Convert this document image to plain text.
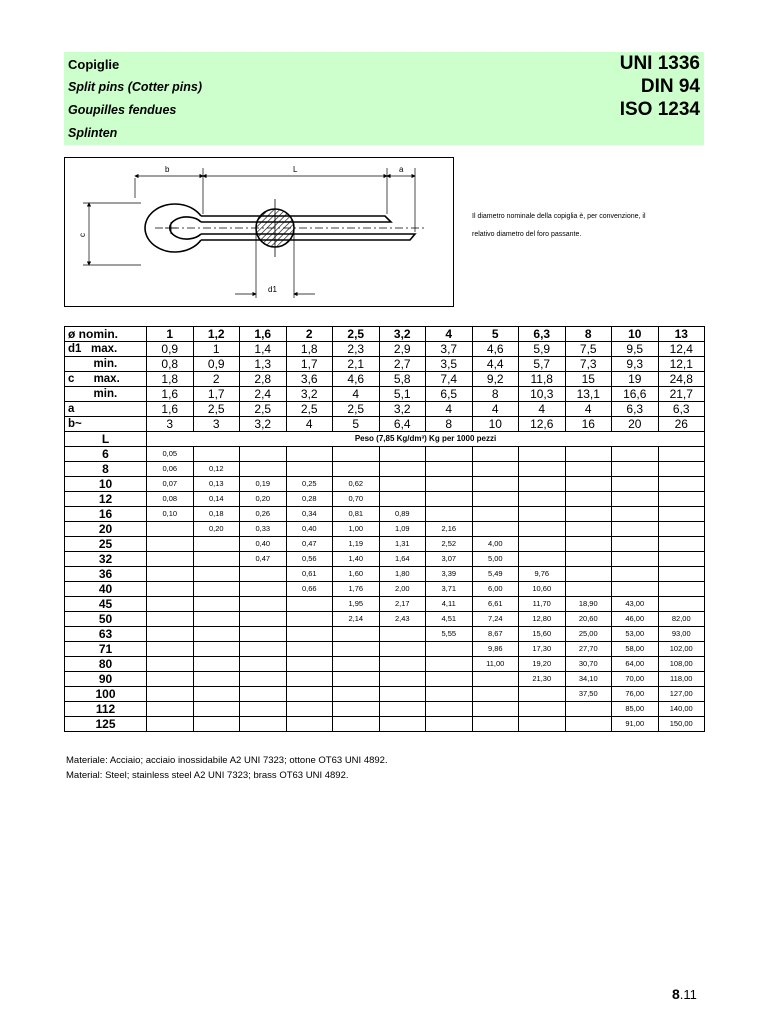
Copiglie
Split pins (Cotter pins)
Goupilles fendues
Splinten
UNI 1336
DIN 94
ISO 1234
b	L	a
c
d1
Il diametro nominale della copiglia è, per convenzione, il
relativo diametro del foro passante.
ø nomin.	1	1,2	1,6	2	2,5	3,2	4	5	6,3	8	10	13
d1   max.	0,9	1	1,4	1,8	2,3	2,9	3,7	4,6	5,9	7,5	9,5	12,4
min.	0,8	0,9	1,3	1,7	2,1	2,7	3,5	4,4	5,7	7,3	9,3	12,1
c      max.	1,8	2	2,8	3,6	4,6	5,8	7,4	9,2	11,8	15	19	24,8
min.	1,6	1,7	2,4	3,2	4	5,1	6,5	8	10,3	13,1	16,6	21,7
a	1,6	2,5	2,5	2,5	2,5	3,2	4	4	4	4	6,3	6,3
b~	3	3	3,2	4	5	6,4	8	10	12,6	16	20	26
L	Peso (7,85 Kg/dm³) Kg per 1000 pezzi											
6	0,05											
8	0,06	0,12										
10	0,07	0,13	0,19	0,25	0,62							
12	0,08	0,14	0,20	0,28	0,70							
16	0,10	0,18	0,26	0,34	0,81	0,89						
20		0,20	0,33	0,40	1,00	1,09	2,16					
25			0,40	0,47	1,19	1,31	2,52	4,00				
32			0,47	0,56	1,40	1,64	3,07	5,00				
36				0,61	1,60	1,80	3,39	5,49	9,76			
40				0,66	1,76	2,00	3,71	6,00	10,60			
45					1,95	2,17	4,11	6,61	11,70	18,90	43,00	
50					2,14	2,43	4,51	7,24	12,80	20,60	46,00	82,00
63							5,55	8,67	15,60	25,00	53,00	93,00
71								9,86	17,30	27,70	58,00	102,00
80								11,00	19,20	30,70	64,00	108,00
90									21,30	34,10	70,00	118,00
100										37,50	76,00	127,00
112											85,00	140,00
125											91,00	150,00
Materiale: Acciaio; acciaio inossidabile A2 UNI 7323; ottone OT63 UNI 4892.
Material: Steel; stainless steel A2 UNI 7323; brass OT63 UNI 4892.
8.11
